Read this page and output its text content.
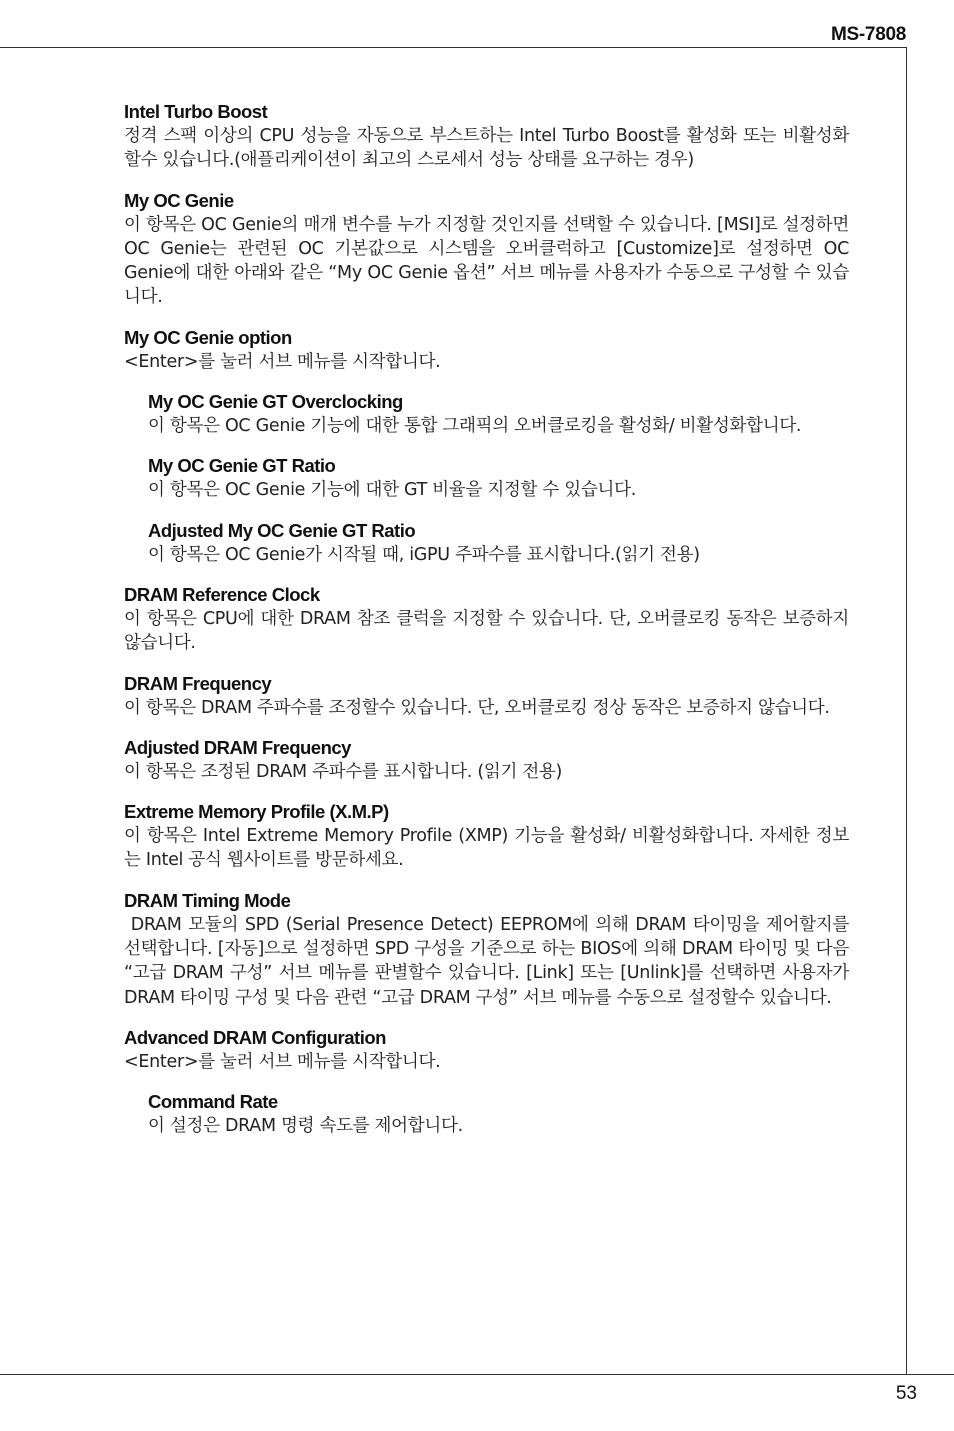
MS-7808
53

Intel Turbo Boost

정격 스팩 이상의 CPU 성능을 자동으로 부스트하는 Intel Turbo Boost를 활성화 또는 비활성화 할수 있습니다.(애플리케이션이 최고의 스로세서 성능 상태를 요구하는 경우)

My OC Genie

이 항목은 OC Genie의 매개 변수를 누가 지정할 것인지를 선택할 수 있습니다. [MSI]로 설정하면 OC Genie는 관련된 OC 기본값으로 시스템을 오버클럭하고 [Customize]로 설정하면 OC Genie에 대한 아래와 같은 “My OC Genie 옵션” 서브 메뉴를 사용자가 수동으로 구성할 수 있습니다.

My OC Genie option

<Enter>를 눌러 서브 메뉴를 시작합니다.

My OC Genie GT Overclocking

이 항목은 OC Genie 기능에 대한 통합 그래픽의 오버클로킹을 활성화/ 비활성화합니다.

My OC Genie GT Ratio

이 항목은 OC Genie 기능에 대한 GT 비율을 지정할 수 있습니다.

Adjusted My OC Genie GT Ratio

이 항목은 OC Genie가 시작될 때, iGPU 주파수를 표시합니다.(읽기 전용)

DRAM Reference Clock

이 항목은 CPU에 대한 DRAM 참조 클럭을 지정할 수 있습니다. 단, 오버클로킹 동작은 보증하지 않습니다.

DRAM Frequency

이 항목은 DRAM 주파수를 조정할수 있습니다. 단, 오버클로킹 정상 동작은 보증하지 않습니다.

Adjusted DRAM Frequency

이 항목은 조정된 DRAM 주파수를 표시합니다. (읽기 전용)

Extreme Memory Profile (X.M.P)

이 항목은 Intel Extreme Memory Profile (XMP) 기능을 활성화/ 비활성화합니다. 자세한 정보는 Intel 공식 웹사이트를 방문하세요.

DRAM Timing Mode

DRAM 모듈의 SPD (Serial Presence Detect) EEPROM에 의해 DRAM 타이밍을 제어할지를 선택합니다. [자동]으로 설정하면 SPD 구성을 기준으로 하는 BIOS에 의해 DRAM 타이밍 및 다음  “고급 DRAM 구성” 서브 메뉴를 판별할수 있습니다. [Link] 또는 [Unlink]를 선택하면 사용자가 DRAM 타이밍 구성 및 다음 관련 “고급 DRAM 구성” 서브 메뉴를 수동으로 설정할수 있습니다.

Advanced DRAM Configuration

<Enter>를 눌러 서브 메뉴를 시작합니다.

Command Rate

이 설정은 DRAM 명령 속도를 제어합니다.
